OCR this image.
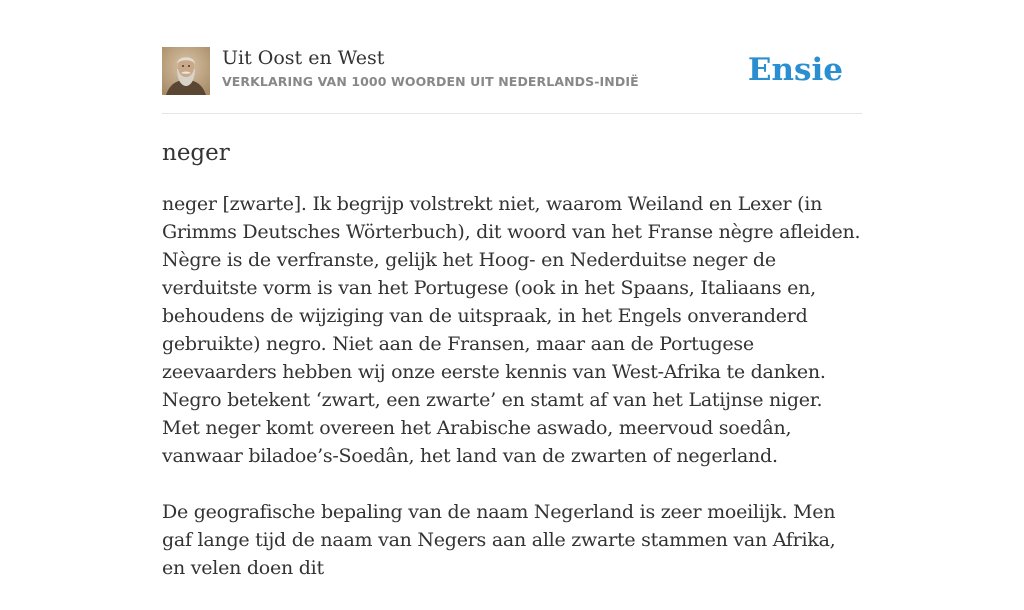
Uit Oost en West
VERKLARING VAN 1000 WOORDEN UIT NEDERLANDS-INDIË	Ensie
neger

neger [zwarte]. Ik begrijp volstrekt niet, waarom Weiland en Lexer (in Grimms Deutsches Wörterbuch), dit woord van het Franse nègre afleiden. Nègre is de verfranste, gelijk het Hoog- en Nederduitse neger de verduitste vorm is van het Portugese (ook in het Spaans, Italiaans en, behoudens de wijziging van de uitspraak, in het Engels onveranderd gebruikte) negro. Niet aan de Fransen, maar aan de Portugese zeevaarders hebben wij onze eerste kennis van West-Afrika te danken. Negro betekent ‘zwart, een zwarte’ en stamt af van het Latijnse niger. Met neger komt overeen het Arabische aswado, meervoud soedân, vanwaar biladoe’s-Soedân, het land van de zwarten of negerland.

De geografische bepaling van de naam Negerland is zeer moeilijk. Men gaf lange tijd de naam van Negers aan alle zwarte stammen van Afrika, en velen doen dit
